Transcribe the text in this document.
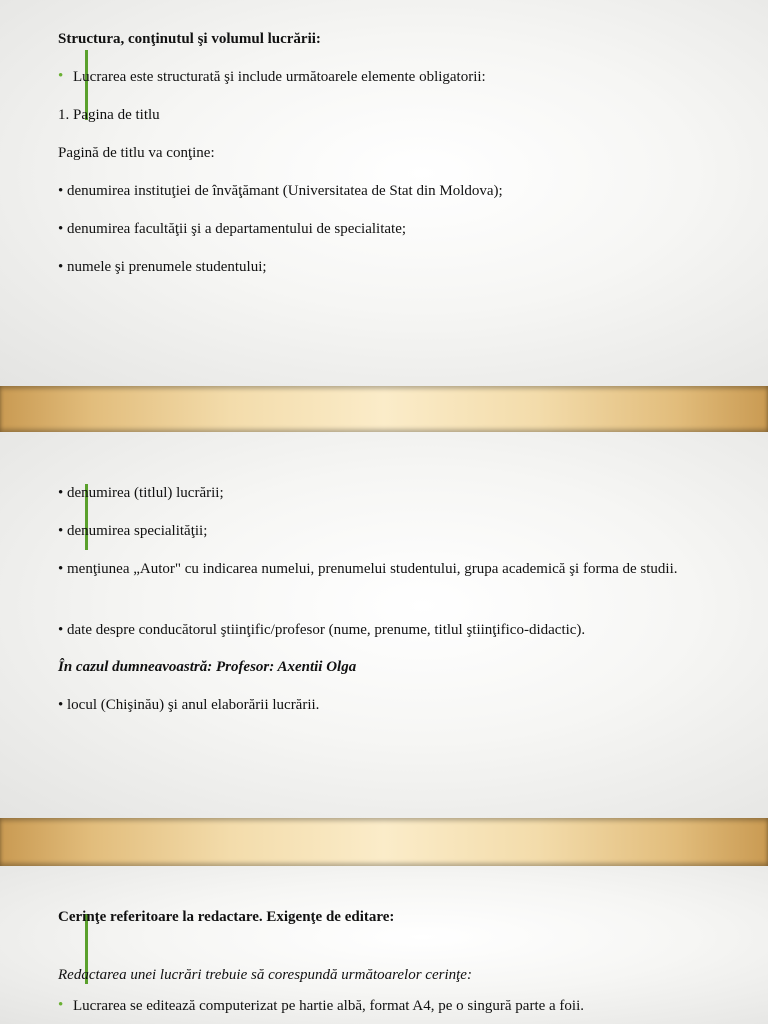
Structura, conţinutul şi volumul lucrării:

• Lucrarea este structurată şi include următoarele elemente obligatorii:

1. Pagina de titlu

Pagină de titlu va conţine:

• denumirea instituţiei de învăţămant (Universitatea de Stat din Moldova);

• denumirea facultăţii şi a departamentului de specialitate;

• numele şi prenumele studentului;

• denumirea (titlul) lucrării;

• denumirea specialităţii;

• menţiunea „Autor" cu indicarea numelui, prenumelui studentului, grupa academică şi forma de studii.

• date despre conducătorul ştiinţific/profesor (nume, prenume, titlul ştiinţifico-didactic).

În cazul dumneavoastră: Profesor: Axentii Olga

• locul (Chişinău) şi anul elaborării lucrării.

Cerinţe referitoare la redactare. Exigenţe de editare:

Redactarea unei lucrări trebuie să corespundă următoarelor cerinţe:

• Lucrarea se editează computerizat pe hartie albă, format A4, pe o singură parte a foii.
